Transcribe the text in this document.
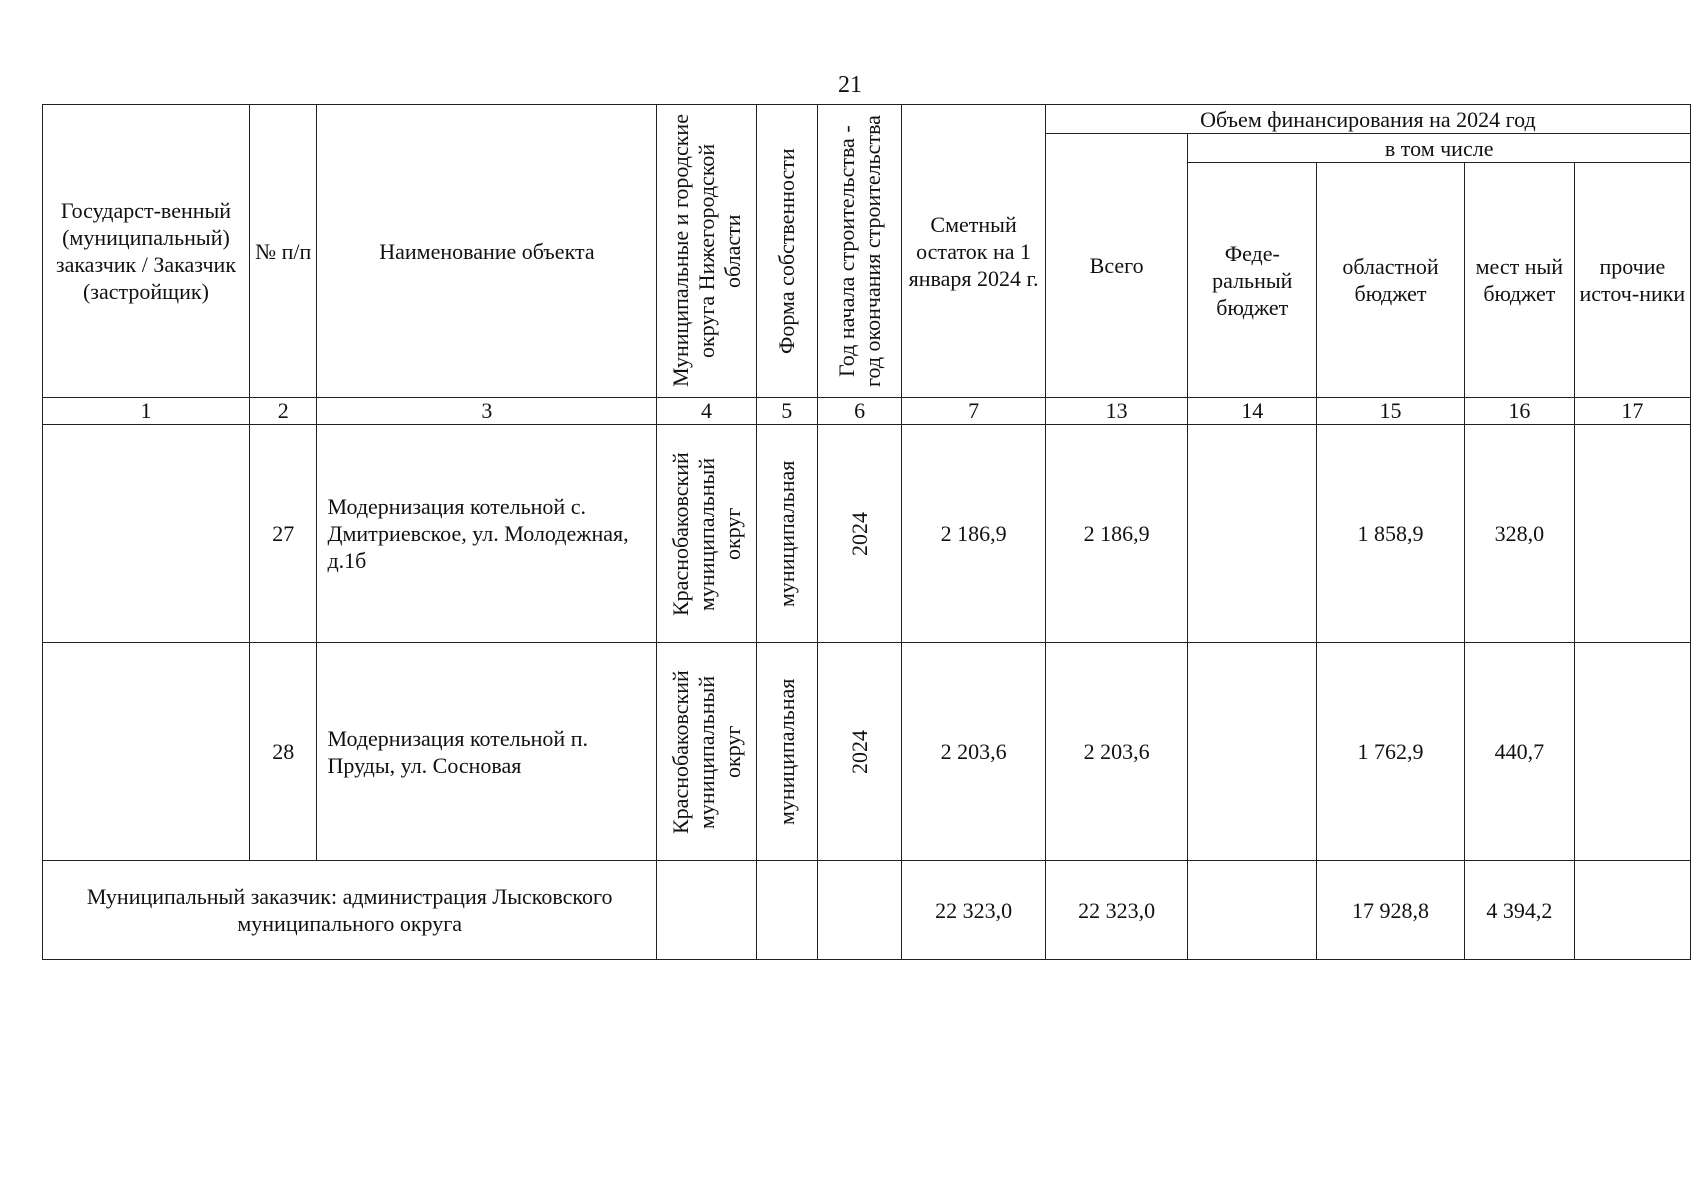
21
Государст-венный (муниципальный) заказчик / Заказчик (застройщик)	№ п/п	Наименование объекта	Муниципальные и городские округа Нижегородской области	Форма собственности	Год начала строительства - год окончания строительства	Сметный остаток на 1 января 2024 г.	Объем финансирования на 2024 год				
							Всего	в том числе			
								Феде-ральный бюджет	областной бюджет	мест ный бюджет	прочие источ-ники
1	2	3	4	5	6	7	13	14	15	16	17
	27	Модернизация котельной с. Дмитриевское, ул. Молодежная, д.1б	Краснобаковский муниципальный округ	муниципальная	2024	2 186,9	2 186,9		1 858,9	328,0	
	28	Модернизация котельной п. Пруды, ул. Сосновая	Краснобаковский муниципальный округ	муниципальная	2024	2 203,6	2 203,6		1 762,9	440,7	
Муниципальный заказчик: администрация Лысковского муниципального округа						22 323,0	22 323,0		17 928,8	4 394,2	
